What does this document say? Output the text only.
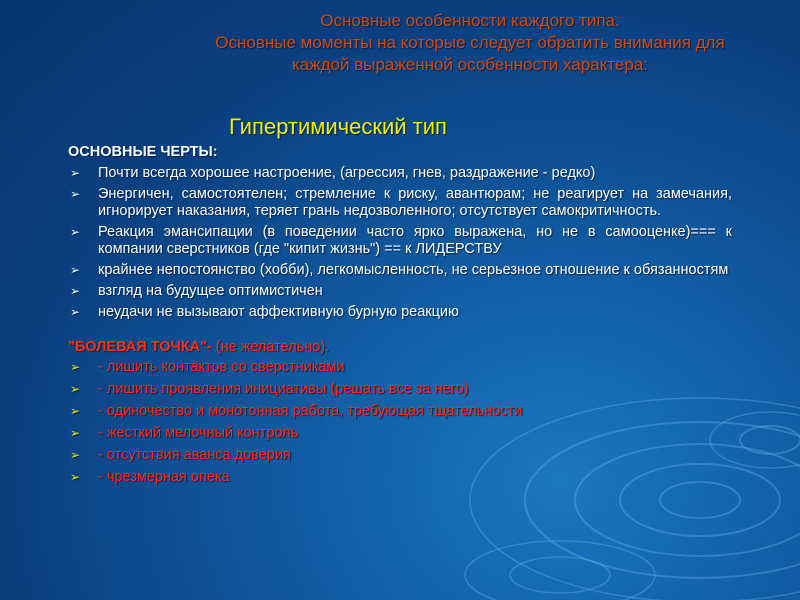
Основные особенности каждого типа.
Основные моменты на которые следует обратить внимания для
каждой выраженной особенности характера:
Гипертимический тип
ОСНОВНЫЕ ЧЕРТЫ:
➢ Почти всегда хорошее настроение, (агрессия, гнев, раздражение - редко)
➢ Энергичен, самостоятелен; стремление к риску, авантюрам; не реагирует на замечания, игнорирует наказания, теряет грань недозволенного; отсутствует самокритичность.
➢ Реакция эмансипации (в поведении часто ярко выражена, но не в самооценке)=== к компании сверстников (где "кипит жизнь") == к ЛИДЕРСТВУ
➢ крайнее непостоянство (хобби), легкомысленность, не серьезное отношение к обязанностям
➢ взгляд на будущее оптимистичен
➢ неудачи не вызывают аффективную бурную реакцию
"БОЛЕВАЯ ТОЧКА"- (не желательно).
➢ - лишить контактов со сверстниками
➢ - лишить проявления инициативы (решать все за него)
➢ - одиночество и монотонная работа, требующая тщательности
➢ - жесткий мелочный контроль
➢ - отсутствия аванса доверия
➢ - чрезмерная опека
